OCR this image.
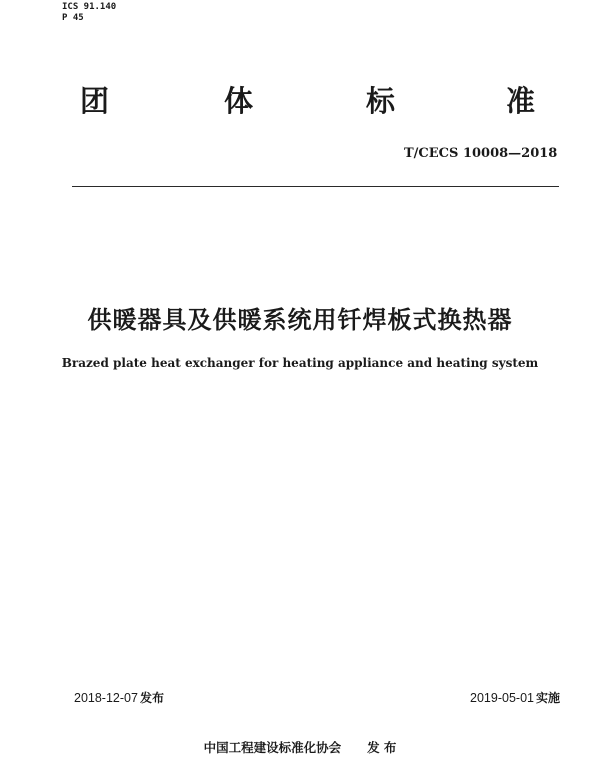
ICS 91.140
P 45
团	体	标	准
T/CECS 10008—2018
供暖器具及供暖系统用钎焊板式换热器
Brazed plate heat exchanger for heating appliance and heating system
2018-12-07 发布	2019-05-01 实施
中国工程建设标准化协会 发 布
